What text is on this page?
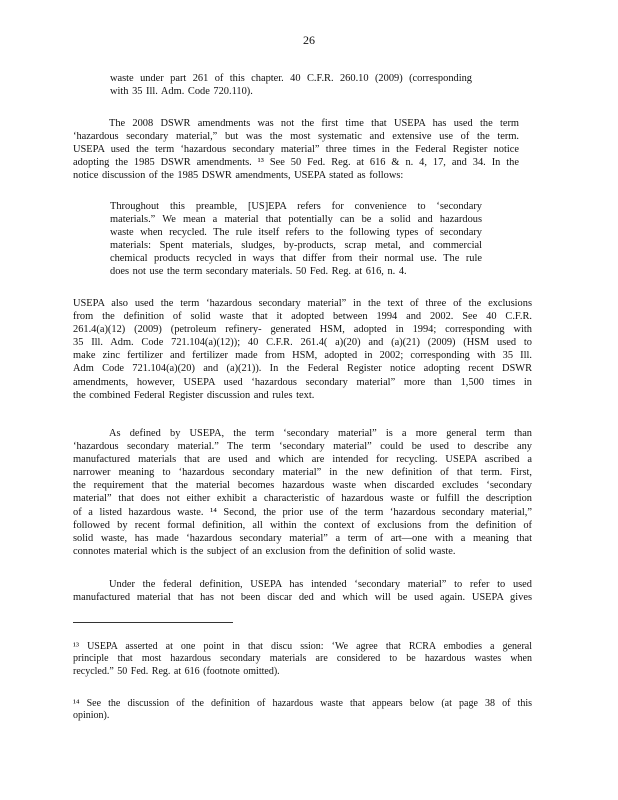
26
waste under part 261 of this chapter. 40 C.F.R. 260.10 (2009) (corresponding
with 35 Ill. Adm. Code 720.110).
The 2008 DSWR amendments was not the first time that USEPA has used the term
‘hazardous secondary material,” but was the most systematic and extensive use of the term.
USEPA used the term ‘hazardous secondary material” three times in the Federal Register notice
adopting the 1985 DSWR amendments. ¹³ See 50 Fed. Reg. at 616 & n. 4, 17, and 34. In the
notice discussion of the 1985 DSWR amendments, USEPA stated as follows:
Throughout this preamble, [US]EPA refers for convenience to ‘secondary
materials.” We mean a material that potentially can be a solid and hazardous
waste when recycled. The rule itself refers to the following types of secondary
materials: Spent materials, sludges, by-products, scrap metal, and commercial
chemical products recycled in ways that differ from their normal use. The rule
does not use the term secondary materials. 50 Fed. Reg. at 616, n. 4.
USEPA also used the term ‘hazardous secondary material” in the text of three of the exclusions
from the definition of solid waste that it adopted between 1994 and 2002. See 40 C.F.R.
261.4(a)(12) (2009) (petroleum refinery- generated HSM, adopted in 1994; corresponding with
35 Ill. Adm. Code 721.104(a)(12)); 40 C.F.R. 261.4( a)(20) and (a)(21) (2009) (HSM used to
make zinc fertilizer and fertilizer made from HSM, adopted in 2002; corresponding with 35 Ill.
Adm Code 721.104(a)(20) and (a)(21)). In the Federal Register notice adopting recent DSWR
amendments, however, USEPA used ‘hazardous secondary material” more than 1,500 times in
the combined Federal Register discussion and rules text.
As defined by USEPA, the term ‘secondary material” is a more general term than
‘hazardous secondary material.” The term ‘secondary material” could be used to describe any
manufactured materials that are used and which are intended for recycling. USEPA ascribed a
narrower meaning to ‘hazardous secondary material” in the new definition of that term. First,
the requirement that the material becomes hazardous waste when discarded excludes ‘secondary
material” that does not either exhibit a characteristic of hazardous waste or fulfill the description
of a listed hazardous waste. ¹⁴ Second, the prior use of the term ‘hazardous secondary material,”
followed by recent formal definition, all within the context of exclusions from the definition of
solid waste, has made ‘hazardous secondary material” a term of art—one with a meaning that
connotes material which is the subject of an exclusion from the definition of solid waste.
Under the federal definition, USEPA has intended ‘secondary material” to refer to used
manufactured material that has not been discar ded and which will be used again. USEPA gives
¹³ USEPA asserted at one point in that discu ssion: ‘We agree that RCRA embodies a general
principle that most hazardous secondary materials are considered to be hazardous wastes when
recycled.” 50 Fed. Reg. at 616 (footnote omitted).
¹⁴ See the discussion of the definition of hazardous waste that appears below (at page 38 of this
opinion).
